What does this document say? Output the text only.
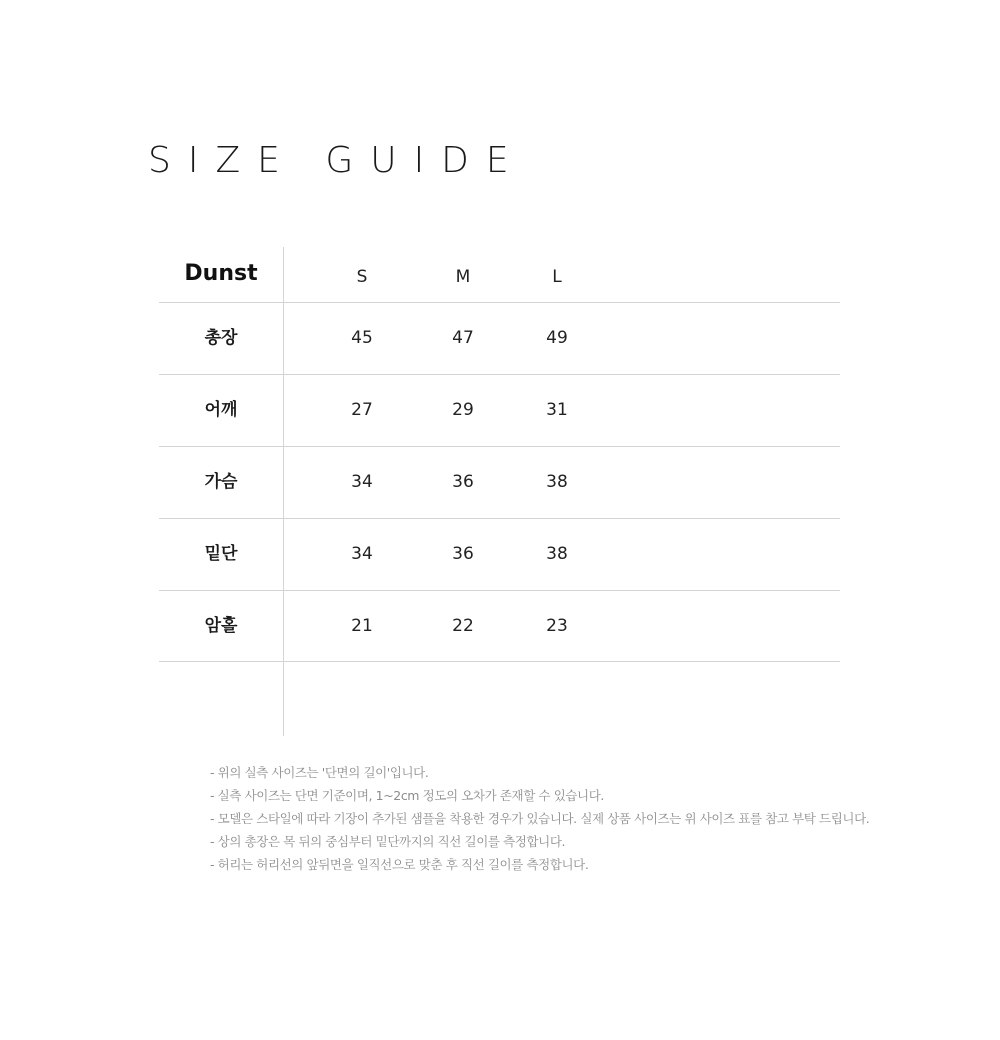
SIZE GUIDE
Dunst	S	M	L
총장	45	47	49
어깨	27	29	31
가슴	34	36	38
밑단	34	36	38
암홀	21	22	23
- 위의 실측 사이즈는 '단면의 길이'입니다.
- 실측 사이즈는 단면 기준이며, 1~2cm 정도의 오차가 존재할 수 있습니다.
- 모델은 스타일에 따라 기장이 추가된 샘플을 착용한 경우가 있습니다. 실제 상품 사이즈는 위 사이즈 표를 참고 부탁 드립니다.
- 상의 총장은 목 뒤의 중심부터 밑단까지의 직선 길이를 측정합니다.
- 허리는 허리선의 앞뒤면을 일직선으로 맞춘 후 직선 길이를 측정합니다.
